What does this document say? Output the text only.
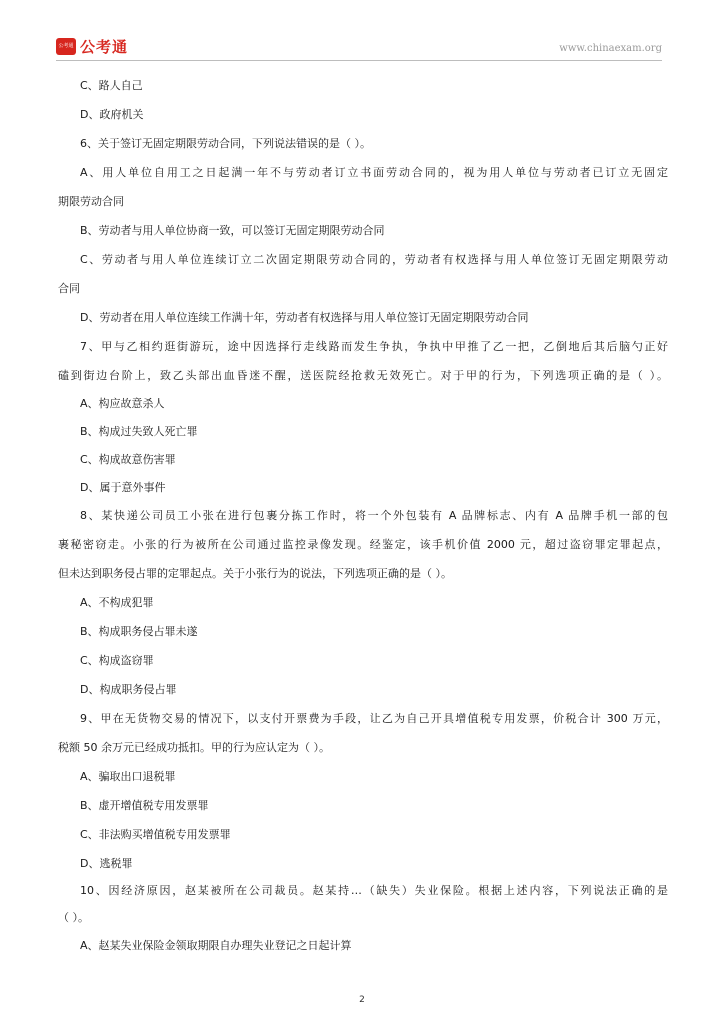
公考通 公考通	www.chinaexam.org
C、路人自己
D、政府机关
6、关于签订无固定期限劳动合同，下列说法错误的是（ ）。
A、用人单位自用工之日起满一年不与劳动者订立书面劳动合同的，视为用人单位与劳动者已订立无固定
期限劳动合同
B、劳动者与用人单位协商一致，可以签订无固定期限劳动合同
C、劳动者与用人单位连续订立二次固定期限劳动合同的，劳动者有权选择与用人单位签订无固定期限劳动
合同
D、劳动者在用人单位连续工作满十年，劳动者有权选择与用人单位签订无固定期限劳动合同
7、甲与乙相约逛街游玩，途中因选择行走线路而发生争执，争执中甲推了乙一把，乙倒地后其后脑勺正好
磕到街边台阶上，致乙头部出血昏迷不醒，送医院经抢救无效死亡。对于甲的行为，下列选项正确的是（ ）。
A、构应故意杀人
B、构成过失致人死亡罪
C、构成故意伤害罪
D、属于意外事件
8、某快递公司员工小张在进行包裹分拣工作时，将一个外包装有 A 品牌标志、内有 A 品牌手机一部的包
裹秘密窃走。小张的行为被所在公司通过监控录像发现。经鉴定，该手机价值 2000 元，超过盗窃罪定罪起点，
但未达到职务侵占罪的定罪起点。关于小张行为的说法，下列选项正确的是（ ）。
A、不构成犯罪
B、构成职务侵占罪未遂
C、构成盗窃罪
D、构成职务侵占罪
9、甲在无货物交易的情况下，以支付开票费为手段，让乙为自己开具增值税专用发票，价税合计 300 万元，
税额 50 余万元已经成功抵扣。甲的行为应认定为（ ）。
A、骗取出口退税罪
B、虚开增值税专用发票罪
C、非法购买增值税专用发票罪
D、逃税罪
10、因经济原因，赵某被所在公司裁员。赵某持…（缺失）失业保险。根据上述内容，下列说法正确的是
（ ）。
A、赵某失业保险金领取期限自办理失业登记之日起计算
2
